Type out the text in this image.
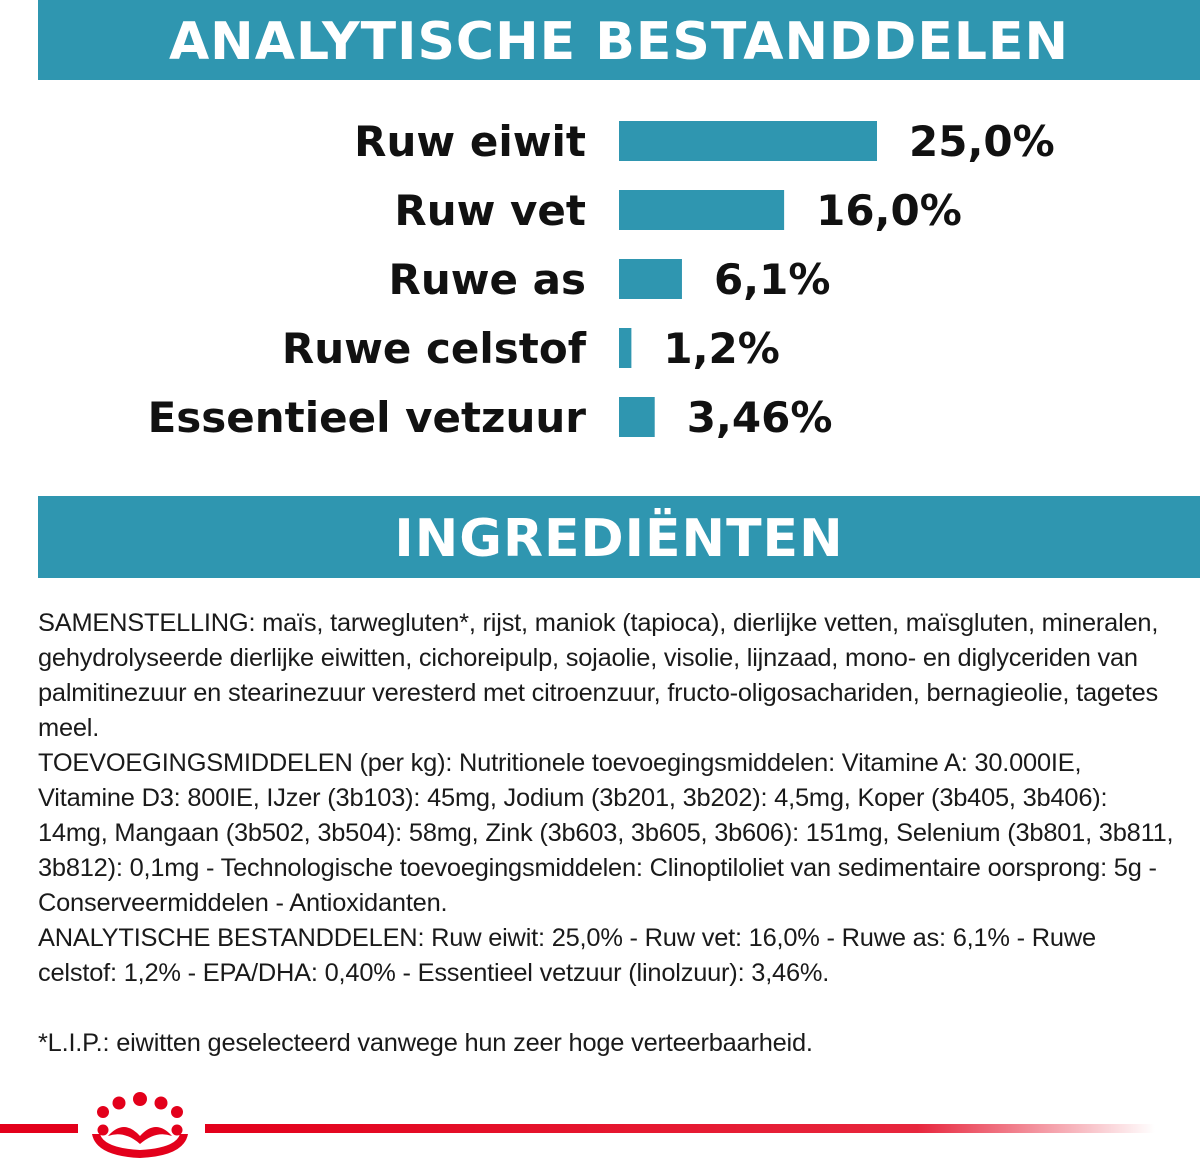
ANALYTISCHE BESTANDDELEN
Ruw eiwit	25,0%
Ruw vet	16,0%
Ruwe as	6,1%
Ruwe celstof 1,2%
Essentieel vetzuur 3,46%
INGREDIËNTEN

SAMENSTELLING: maïs, tarwegluten*, rijst, maniok (tapioca), dierlijke vetten, maïsgluten, mineralen, gehydrolyseerde dierlijke eiwitten, cichoreipulp, sojaolie, visolie, lijnzaad, mono- en diglyceriden van palmitinezuur en stearinezuur veresterd met citroenzuur, fructo-oligosachariden, bernagieolie, tagetes meel.

TOEVOEGINGSMIDDELEN (per kg): Nutritionele toevoegingsmiddelen: Vitamine A: 30.000IE, Vitamine D3: 800IE, IJzer (3b103): 45mg, Jodium (3b201, 3b202): 4,5mg, Koper (3b405, 3b406): 14mg, Mangaan (3b502, 3b504): 58mg, Zink (3b603, 3b605, 3b606): 151mg, Selenium (3b801, 3b811, 3b812): 0,1mg - Technologische toevoegingsmiddelen: Clinoptiloliet van sedimentaire oorsprong: 5g - Conserveermiddelen - Antioxidanten.

ANALYTISCHE BESTANDDELEN: Ruw eiwit: 25,0% - Ruw vet: 16,0% - Ruwe as: 6,1% - Ruwe celstof: 1,2% - EPA/DHA: 0,40% - Essentieel vetzuur (linolzuur): 3,46%.

*L.I.P.: eiwitten geselecteerd vanwege hun zeer hoge verteerbaarheid.
